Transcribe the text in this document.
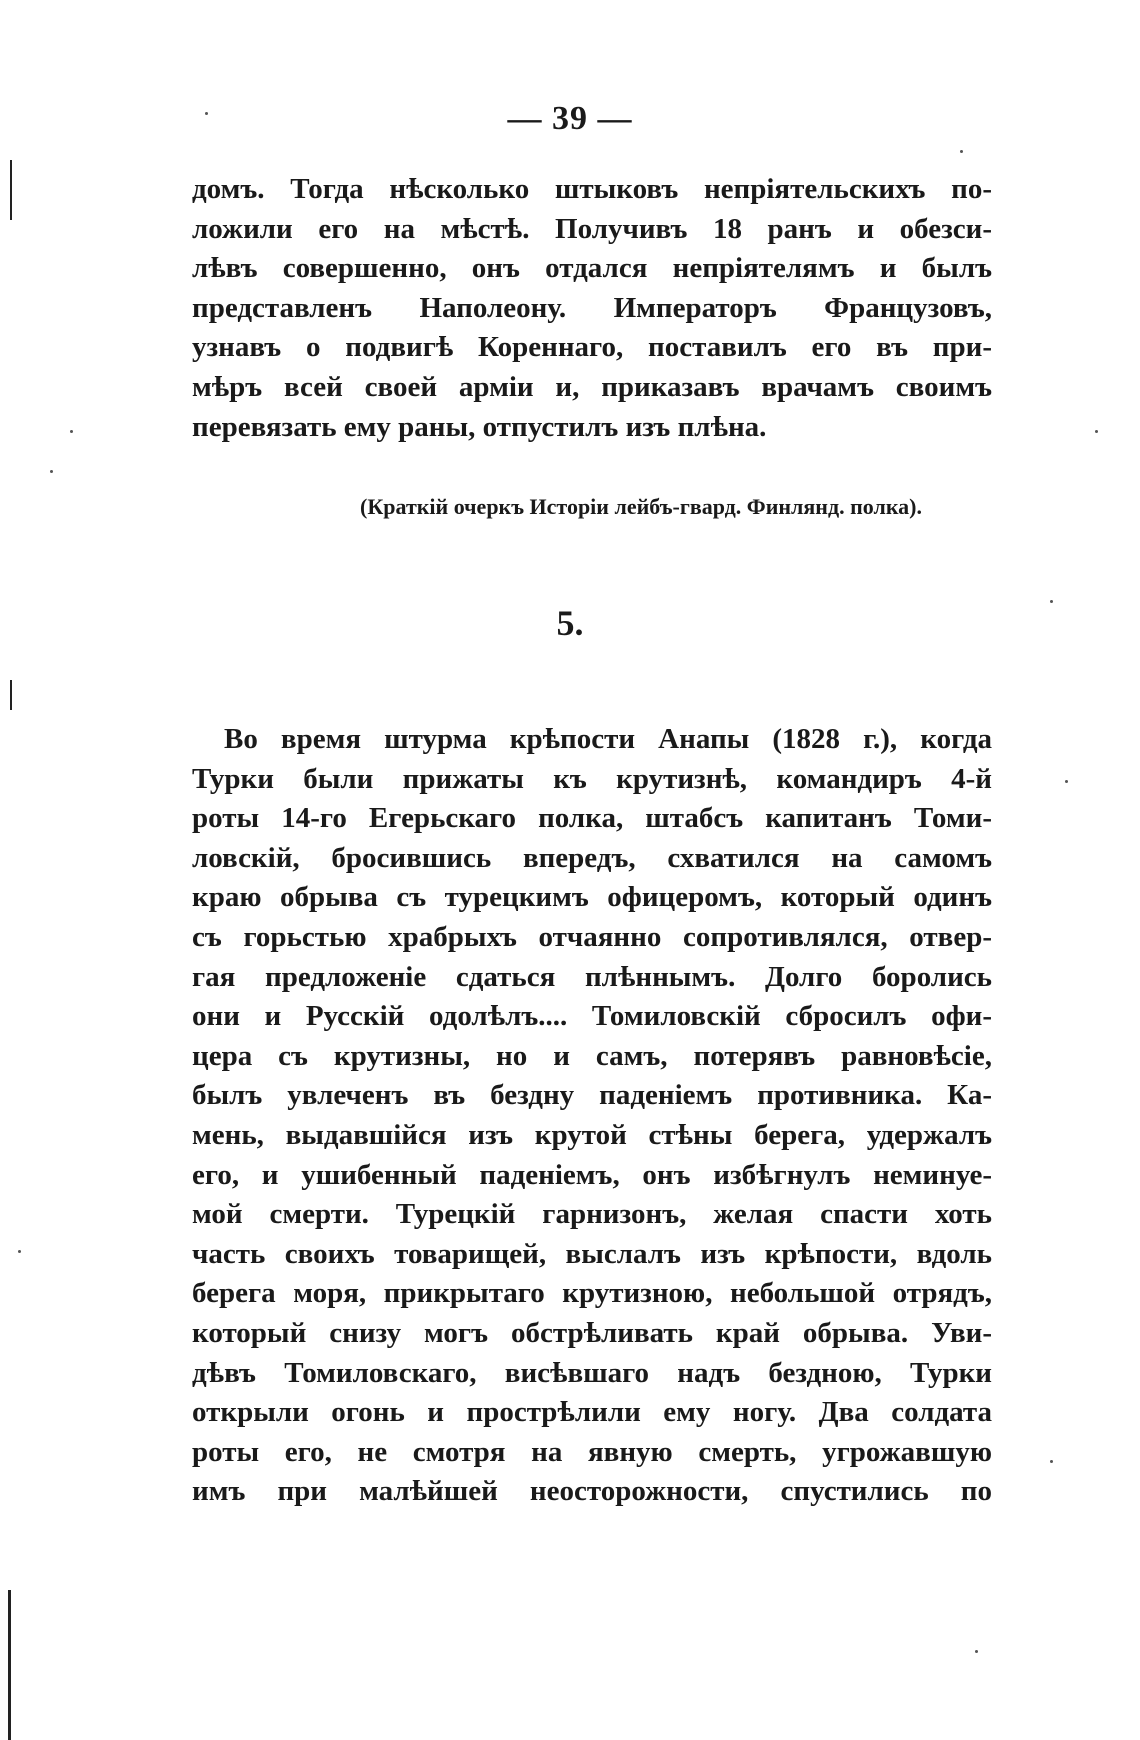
— 39 —
домъ. Тогда нѣсколько штыковъ непріятельскихъ по-
ложили его на мѣстѣ. Получивъ 18 ранъ и обезси-
лѣвъ совершенно, онъ отдался непріятелямъ и былъ
представленъ Наполеону. Императоръ Французовъ,
узнавъ о подвигѣ Кореннаго, поставилъ его въ при-
мѣръ всей своей арміи и, приказавъ врачамъ своимъ
перевязать ему раны, отпустилъ изъ плѣна.
(Краткій очеркъ Исторіи лейбъ-гвард. Финлянд. полка).
5.
Во время штурма крѣпости Анапы (1828 г.), когда
Турки были прижаты къ крутизнѣ, командиръ 4-й
роты 14-го Егерьскаго полка, штабсъ капитанъ Томи-
ловскій, бросившись впередъ, схватился на самомъ
краю обрыва съ турецкимъ офицеромъ, который одинъ
съ горьстью храбрыхъ отчаянно сопротивлялся, отвер-
гая предложеніе сдаться плѣннымъ. Долго боролись
они и Русскій одолѣлъ.... Томиловскій сбросилъ офи-
цера съ крутизны, но и самъ, потерявъ равновѣсіе,
былъ увлеченъ въ бездну паденіемъ противника. Ка-
мень, выдавшійся изъ крутой стѣны берега, удержалъ
его, и ушибенный паденіемъ, онъ избѣгнулъ неминуе-
мой смерти. Турецкій гарнизонъ, желая спасти хоть
часть своихъ товарищей, выслалъ изъ крѣпости, вдоль
берега моря, прикрытаго крутизною, небольшой отрядъ,
который снизу могъ обстрѣливать край обрыва. Уви-
дѣвъ Томиловскаго, висѣвшаго надъ бездною, Турки
открыли огонь и прострѣлили ему ногу. Два солдата
роты его, не смотря на явную смерть, угрожавшую
имъ при малѣйшей неосторожности, спустились по
